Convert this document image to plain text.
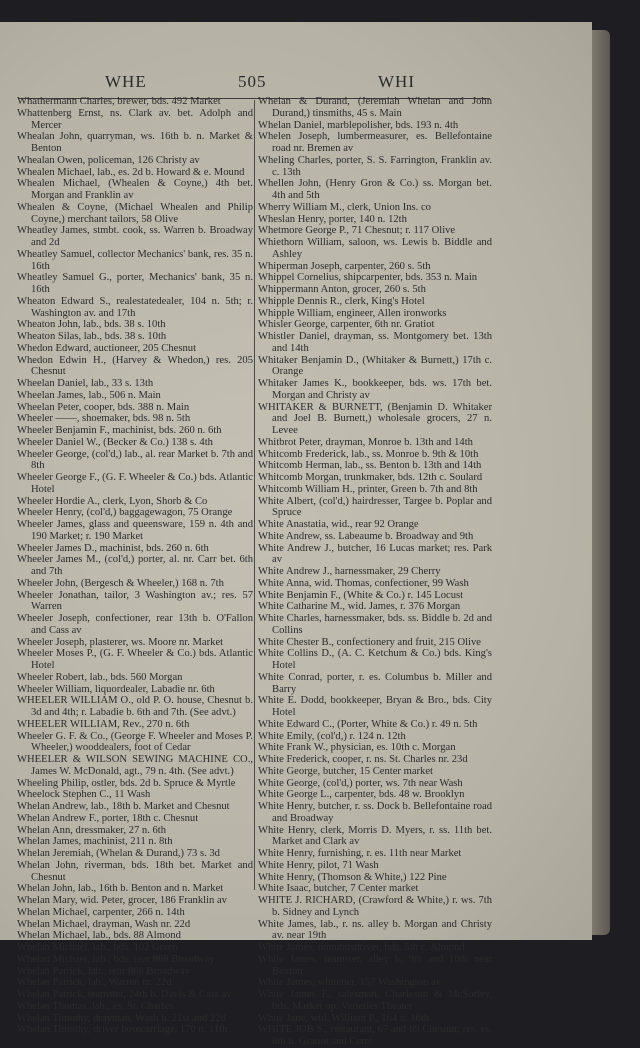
WHE	505	WHI

Whathermann Charles, brewer, bds. 492 Market

Whattenberg Ernst, ns. Clark av. bet. Adolph and Mercer

Whealan John, quarryman, ws. 16th b. n. Market & Benton

Whealan Owen, policeman, 126 Christy av

Whealen Michael, lab., es. 2d b. Howard & e. Mound

Whealen Michael, (Whealen & Coyne,) 4th bet. Morgan and Franklin av

Whealen & Coyne, (Michael Whealen and Philip Coyne,) merchant tailors, 58 Olive

Wheatley James, stmbt. cook, ss. Warren b. Broadway and 2d

Wheatley Samuel, collector Mechanics' bank, res. 35 n. 16th

Wheatley Samuel G., porter, Mechanics' bank, 35 n. 16th

Wheaton Edward S., realestatedealer, 104 n. 5th; r. Washington av. and 17th

Wheaton John, lab., bds. 38 s. 10th

Wheaton Silas, lab., bds. 38 s. 10th

Whedon Edward, auctioneer, 205 Chesnut

Whedon Edwin H., (Harvey & Whedon,) res. 205 Chesnut

Wheelan Daniel, lab., 33 s. 13th

Wheelan James, lab., 506 n. Main

Wheelan Peter, cooper, bds. 388 n. Main

Wheeler ——, shoemaker, bds. 98 n. 5th

Wheeler Benjamin F., machinist, bds. 260 n. 6th

Wheeler Daniel W., (Becker & Co.) 138 s. 4th

Wheeler George, (col'd,) lab., al. rear Market b. 7th and 8th

Wheeler George F., (G. F. Wheeler & Co.) bds. Atlantic Hotel

Wheeler Hordie A., clerk, Lyon, Shorb & Co

Wheeler Henry, (col'd,) baggagewagon, 75 Orange

Wheeler James, glass and queensware, 159 n. 4th and 190 Market; r. 190 Market

Wheeler James D., machinist, bds. 260 n. 6th

Wheeler James M., (col'd,) porter, al. nr. Carr bet. 6th and 7th

Wheeler John, (Bergesch & Wheeler,) 168 n. 7th

Wheeler Jonathan, tailor, 3 Washington av.; res. 57 Warren

Wheeler Joseph, confectioner, rear 13th b. O'Fallon and Cass av

Wheeler Joseph, plasterer, ws. Moore nr. Market

Wheeler Moses P., (G. F. Wheeler & Co.) bds. Atlantic Hotel

Wheeler Robert, lab., bds. 560 Morgan

Wheeler William, liquordealer, Labadie nr. 6th

WHEELER WILLIAM O., old P. O. house, Chesnut b. 3d and 4th; r. Labadie b. 6th and 7th. (See advt.)

WHEELER WILLIAM, Rev., 270 n. 6th

Wheeler G. F. & Co., (George F. Wheeler and Moses P. Wheeler,) wooddealers, foot of Cedar

WHEELER & WILSON SEWING MACHINE CO., James W. McDonald, agt., 79 n. 4th. (See advt.)

Wheeling Philip, ostler, bds. 2d b. Spruce & Myrtle

Wheelock Stephen C., 11 Wash

Whelan Andrew, lab., 18th b. Market and Chesnut

Whelan Andrew F., porter, 18th c. Chesnut

Whelan Ann, dressmaker, 27 n. 6th

Whelan James, machinist, 211 n. 8th

Whelan Jeremiah, (Whelan & Durand,) 73 s. 3d

Whelan John, riverman, bds. 18th bet. Market and Chesnut

Whelan John, lab., 16th b. Benton and n. Market

Whelan Mary, wid. Peter, grocer, 186 Franklin av

Whelan Michael, carpenter, 266 n. 14th

Whelan Michael, drayman, Wash nr. 22d

Whelan Michael, lab., bds. 88 Almond

Whelan Michael, lab., bds. 102 Green

Whelan Michael, lab., bds. rear 868 Broadway

Whelan Patrick, lab., rear 868 Broadway

Whelan Patrick, lab., Warren nr. 22d

Whelan Patrick, teamster, 24th b. Davis & Cass av

Whelan Thomas, lab., es. St. Charles

Whelan Timothy, drayman, Wash b. 21st and 22d

Whelan Timothy, driver hosecarriage, 170 n. 11th

Whelan & Durand, (Jeremiah Whelan and John Durand,) tinsmiths, 45 s. Main

Whelan Daniel, marblepolisher, bds. 193 n. 4th

Whelen Joseph, lumbermeasurer, es. Bellefontaine road nr. Bremen av

Wheling Charles, porter, S. S. Farrington, Franklin av. c. 13th

Whellen John, (Henry Gron & Co.) ss. Morgan bet. 4th and 5th

Wherry William M., clerk, Union Ins. co

Wheslan Henry, porter, 140 n. 12th

Whetmore George P., 71 Chesnut; r. 117 Olive

Whiethorn William, saloon, ws. Lewis b. Biddle and Ashley

Whiperman Joseph, carpenter, 260 s. 5th

Whippel Cornelius, shipcarpenter, bds. 353 n. Main

Whippermann Anton, grocer, 260 s. 5th

Whipple Dennis R., clerk, King's Hotel

Whipple William, engineer, Allen ironworks

Whisler George, carpenter, 6th nr. Gratiot

Whistler Daniel, drayman, ss. Montgomery bet. 13th and 14th

Whitaker Benjamin D., (Whitaker & Burnett,) 17th c. Orange

Whitaker James K., bookkeeper, bds. ws. 17th bet. Morgan and Christy av

WHITAKER & BURNETT, (Benjamin D. Whitaker and Joel B. Burnett,) wholesale grocers, 27 n. Levee

Whitbrot Peter, drayman, Monroe b. 13th and 14th

Whitcomb Frederick, lab., ss. Monroe b. 9th & 10th

Whitcomb Herman, lab., ss. Benton b. 13th and 14th

Whitcomb Morgan, trunkmaker, bds. 12th c. Soulard

Whitcomb William H., printer, Green b. 7th and 8th

White Albert, (col'd,) hairdresser, Targee b. Poplar and Spruce

White Anastatia, wid., rear 92 Orange

White Andrew, ss. Labeaume b. Broadway and 9th

White Andrew J., butcher, 16 Lucas market; res. Park av

White Andrew J., harnessmaker, 29 Cherry

White Anna, wid. Thomas, confectioner, 99 Wash

White Benjamin F., (White & Co.) r. 145 Locust

White Catharine M., wid. James, r. 376 Morgan

White Charles, harnessmaker, bds. ss. Biddle b. 2d and Collins

White Chester B., confectionery and fruit, 215 Olive

White Collins D., (A. C. Ketchum & Co.) bds. King's Hotel

White Conrad, porter, r. es. Columbus b. Miller and Barry

White E. Dodd, bookkeeper, Bryan & Bro., bds. City Hotel

White Edward C., (Porter, White & Co.) r. 49 n. 5th

White Emily, (col'd,) r. 124 n. 12th

White Frank W., physician, es. 10th c. Morgan

White Frederick, cooper, r. ns. St. Charles nr. 23d

White George, butcher, 15 Center market

White George, (col'd,) porter, ws. 7th near Wash

White George L., carpenter, bds. 48 w. Brooklyn

White Henry, butcher, r. ss. Dock b. Bellefontaine road and Broadway

White Henry, clerk, Morris D. Myers, r. ss. 11th bet. Market and Clark av

White Henry, furnishing, r. es. 11th near Market

White Henry, pilot, 71 Wash

White Henry, (Thomson & White,) 122 Pine

White Isaac, butcher, 7 Center market

WHITE J. RICHARD, (Crawford & White,) r. ws. 7th b. Sidney and Lynch

White James, lab., r. ns. alley b. Morgan and Christy av. near 19th

White James, omnibusdriver, bds. 5th c. Almond

White James, teamster, alley b. 9th and 10th near Benton

White James, whitener, 157 Washington av

White James F., salesman, Charleson & McSorley, bds. Market op. Varieties Theater

White Jane, wid. William P., 164 n. 16th

WHITE JOB S., restaurant, 67 and 69 Chesnut; res. es. 8th b. Gratiot and Cerre
